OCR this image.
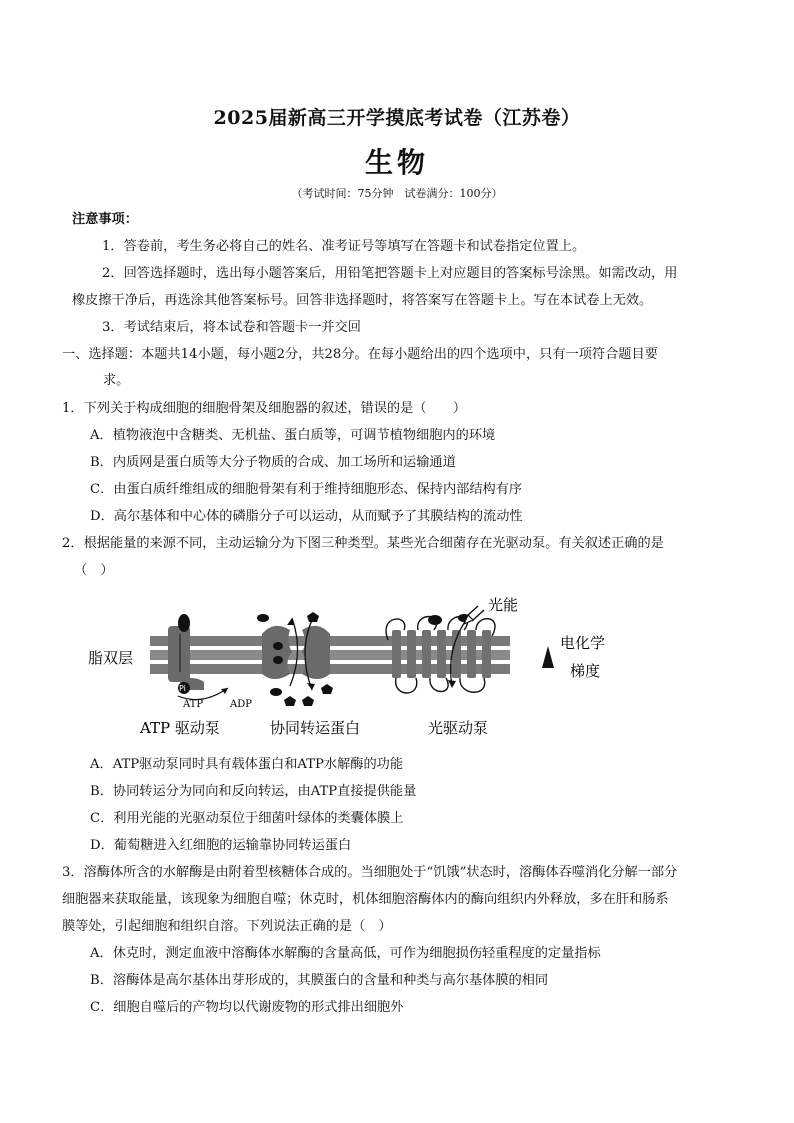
2025届新高三开学摸底考试卷（江苏卷）
生物
（考试时间：75分钟　试卷满分：100分）
注意事项：
1．答卷前，考生务必将自己的姓名、准考证号等填写在答题卡和试卷指定位置上。
2．回答选择题时，选出每小题答案后，用铅笔把答题卡上对应题目的答案标号涂黑。如需改动，用
橡皮擦干净后，再选涂其他答案标号。回答非选择题时，将答案写在答题卡上。写在本试卷上无效。
3．考试结束后，将本试卷和答题卡一并交回
一、选择题：本题共14小题，每小题2分，共28分。在每小题给出的四个选项中，只有一项符合题目要
求。
1．下列关于构成细胞的细胞骨架及细胞器的叙述，错误的是（　　）
A．植物液泡中含糖类、无机盐、蛋白质等，可调节植物细胞内的环境
B．内质网是蛋白质等大分子物质的合成、加工场所和运输通道
C．由蛋白质纤维组成的细胞骨架有利于维持细胞形态、保持内部结构有序
D．高尔基体和中心体的磷脂分子可以运动，从而赋予了其膜结构的流动性
2．根据能量的来源不同，主动运输分为下图三种类型。某些光合细菌存在光驱动泵。有关叙述正确的是
（　）
脂双层
Pi
ATP	ADP
光能
电化学
梯度
ATP 驱动泵	协同转运蛋白	光驱动泵
A．ATP驱动泵同时具有载体蛋白和ATP水解酶的功能
B．协同转运分为同向和反向转运，由ATP直接提供能量
C．利用光能的光驱动泵位于细菌叶绿体的类囊体膜上
D．葡萄糖进入红细胞的运输靠协同转运蛋白
3．溶酶体所含的水解酶是由附着型核糖体合成的。当细胞处于“饥饿”状态时，溶酶体吞噬消化分解一部分
细胞器来获取能量，该现象为细胞自噬；休克时，机体细胞溶酶体内的酶向组织内外释放，多在肝和肠系
膜等处，引起细胞和组织自溶。下列说法正确的是（　）
A．休克时，测定血液中溶酶体水解酶的含量高低，可作为细胞损伤轻重程度的定量指标
B．溶酶体是高尔基体出芽形成的，其膜蛋白的含量和种类与高尔基体膜的相同
C．细胞自噬后的产物均以代谢废物的形式排出细胞外
